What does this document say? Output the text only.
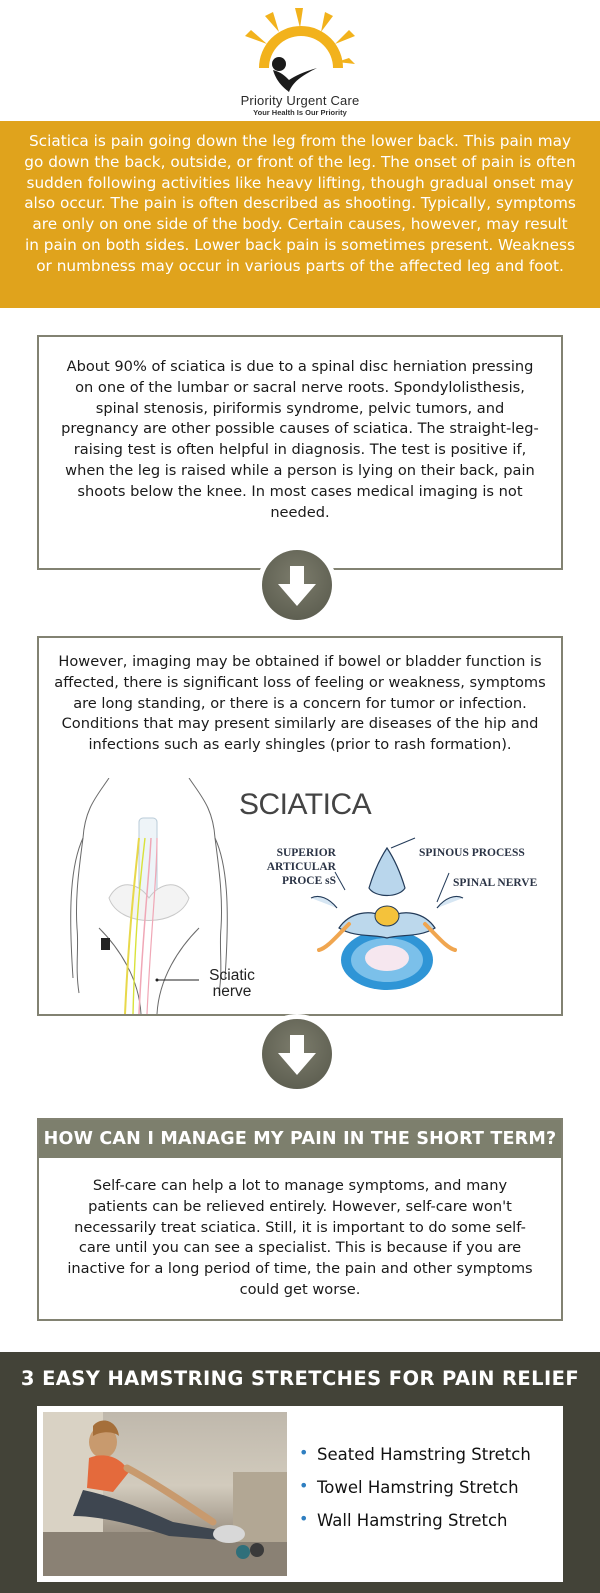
Priority Urgent Care
Your Health Is Our Priority

Sciatica is pain going down the leg from the lower back. This pain may go down the back, outside, or front of the leg. The onset of pain is often sudden following activities like heavy lifting, though gradual onset may also occur. The pain is often described as shooting. Typically, symptoms are only on one side of the body. Certain causes, however, may result in pain on both sides. Lower back pain is sometimes present. Weakness or numbness may occur in various parts of the affected leg and foot.

About 90% of sciatica is due to a spinal disc herniation pressing on one of the lumbar or sacral nerve roots. Spondylolisthesis, spinal stenosis, piriformis syndrome, pelvic tumors, and pregnancy are other possible causes of sciatica. The straight-leg-raising test is often helpful in diagnosis. The test is positive if, when the leg is raised while a person is lying on their back, pain shoots below the knee. In most cases medical imaging is not needed.

However, imaging may be obtained if bowel or bladder function is affected, there is significant loss of feeling or weakness, symptoms are long standing, or there is a concern for tumor or infection. Conditions that may present similarly are diseases of the hip and infections such as early shingles (prior to rash formation).

SCIATICA
SUPERIOR ARTICULAR PROCE sS
SPINOUS PROCESS
SPINAL NERVE
Sciatic nerve
HOW CAN I MANAGE MY PAIN IN THE SHORT TERM?

Self-care can help a lot to manage symptoms, and many patients can be relieved entirely. However, self-care won't necessarily treat sciatica. Still, it is important to do some self-care until you can see a specialist. This is because if you are inactive for a long period of time, the pain and other symptoms could get worse.

3 EASY HAMSTRING STRETCHES FOR PAIN RELIEF
• Seated Hamstring Stretch
• Towel Hamstring Stretch
• Wall Hamstring Stretch
